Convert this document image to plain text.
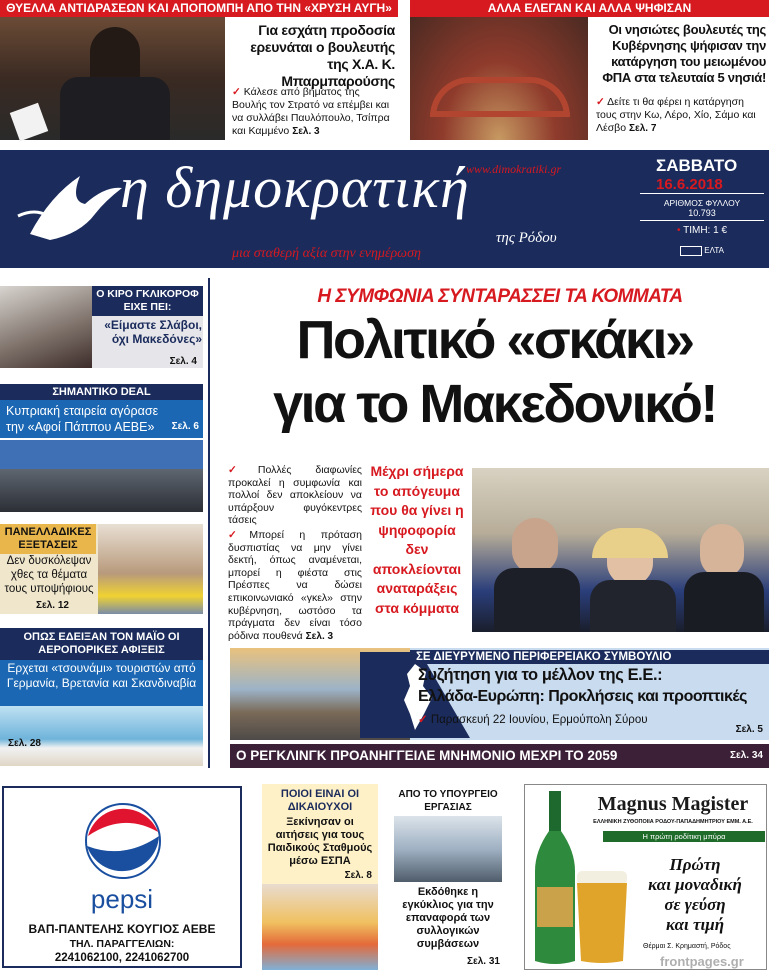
ΘΥΕΛΛΑ ΑΝΤΙΔΡΑΣΕΩΝ ΚΑΙ ΑΠΟΠΟΜΠΗ ΑΠΟ ΤΗΝ «ΧΡΥΣΗ ΑΥΓΗ»
Για εσχάτη προδοσία ερευνάται ο βουλευτής της Χ.Α. Κ. Μπαρμπαρούσης
✓ Κάλεσε από βήματος της Βουλής τον Στρατό να επέμβει και να συλλάβει Παυλόπουλο, Τσίπρα και Καμμένο Σελ. 3
ΑΛΛΑ ΕΛΕΓΑΝ ΚΑΙ ΑΛΛΑ ΨΗΦΙΣΑΝ
Οι νησιώτες βουλευτές της Κυβέρνησης ψήφισαν την κατάργηση του μειωμένου ΦΠΑ στα τελευταία 5 νησιά!
✓ Δείτε τι θα φέρει η κατάργηση τους στην Κω, Λέρο, Χίο, Σάμο και Λέσβο Σελ. 7
η δημοκρατική
www.dimokratiki.gr
της Ρόδου
μια σταθερή αξία στην ενημέρωση
ΣΑΒΒΑΤΟ
16.6.2018
ΑΡΙΘΜΟΣ ΦΥΛΛΟΥ
10.793
• ΤΙΜΗ: 1 €
ΕΛΤΑ
Ο ΚΙΡΟ ΓΚΛΙΚΟΡΟΦ ΕΙΧΕ ΠΕΙ:
«Είμαστε Σλάβοι, όχι Μακεδόνες»
Σελ. 4
ΣΗΜΑΝΤΙΚΟ DEAL
Κυπριακή εταιρεία αγόρασε την «Αφοί Πάππου ΑΕΒΕ»	Σελ. 6
ΠΑΝΕΛΛΑΔΙΚΕΣ ΕΞΕΤΑΣΕΙΣ
Δεν δυσκόλεψαν χθες τα θέματα τους υποψήφιους
Σελ. 12
ΟΠΩΣ ΕΔΕΙΞΑΝ ΤΟΝ ΜΑΪΟ ΟΙ ΑΕΡΟΠΟΡΙΚΕΣ ΑΦΙΞΕΙΣ
Ερχεται «τσουνάμι» τουριστών από Γερμανία, Βρετανία και Σκανδιναβία
Σελ. 28
Η ΣΥΜΦΩΝΙΑ ΣΥΝΤΑΡΑΣΣΕΙ ΤΑ ΚΟΜΜΑΤΑ
Πολιτικό «σκάκι»
για το Μακεδονικό!
✓Πολλές διαφωνίες προκαλεί η συμφωνία και πολλοί δεν αποκλείουν να υπάρξουν φυγόκεντρες τάσεις
✓Μπορεί η πρόταση δυσπιστίας να μην γίνει δεκτή, όπως αναμένεται, μπορεί η φιέστα στις Πρέσπες να δώσει επικοινωνιακό «γκελ» στην κυβέρνηση, ωστόσο τα πράγματα δεν είναι τόσο ρόδινα πουθενά Σελ. 3
Μέχρι σήμερα το απόγευμα που θα γίνει η ψηφοφορία δεν αποκλείονται αναταράξεις στα κόμματα
ΣΕ ΔΙΕΥΡΥΜΕΝΟ ΠΕΡΙΦΕΡΕΙΑΚΟ ΣΥΜΒΟΥΛΙΟ
Συζήτηση για το μέλλον της Ε.Ε.:
Ελλάδα-Ευρώπη: Προκλήσεις και προοπτικές
✓ Παρασκευή 22 Ιουνίου, Ερμούπολη Σύρου
Σελ. 5
Ο ΡΕΓΚΛΙΝΓΚ ΠΡΟΑΝΗΓΓΕΙΛΕ ΜΝΗΜΟΝΙΟ ΜΕΧΡΙ ΤΟ 2059	Σελ. 34
pepsi
ΒΑΠ-ΠΑΝΤΕΛΗΣ ΚΟΥΓΙΟΣ ΑΕΒΕ
ΤΗΛ. ΠΑΡΑΓΓΕΛΙΩΝ:
2241062100, 2241062700
ΠΟΙΟΙ ΕΙΝΑΙ ΟΙ ΔΙΚΑΙΟΥΧΟΙ
Ξεκίνησαν οι αιτήσεις για τους Παιδικούς Σταθμούς μέσω ΕΣΠΑ
Σελ. 8
ΑΠΟ ΤΟ ΥΠΟΥΡΓΕΙΟ ΕΡΓΑΣΙΑΣ
Εκδόθηκε η εγκύκλιος για την επαναφορά των συλλογικών συμβάσεων
Σελ. 31
Magnus Magister
ΕΛΛΗΝΙΚΗ ΖΥΘΟΠΟΙΙΑ ΡΟΔΟΥ-ΠΑΠΑΔΗΜΗΤΡΙΟΥ ΕΜΜ. Α.Ε.
Η πρώτη ροδίτικη μπύρα
Πρώτη
και μοναδική
σε γεύση
και τιμή
Θέρμαι Σ. Κρημαστή, Ρόδος
frontpages.gr
